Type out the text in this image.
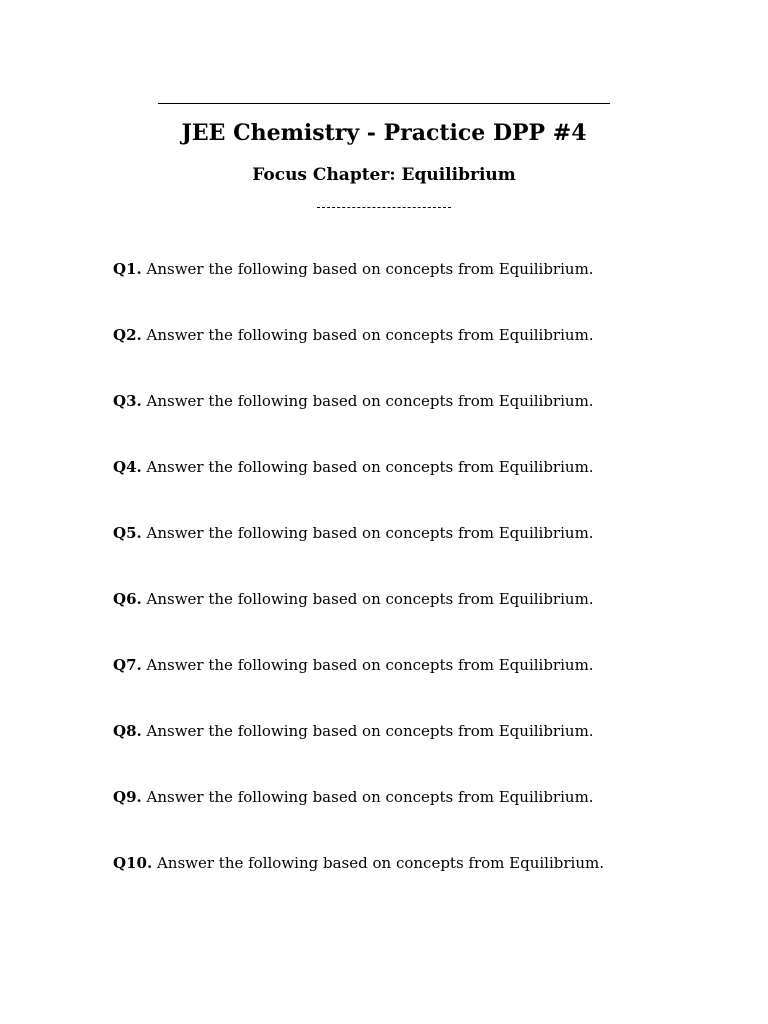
JEE Chemistry - Practice DPP #4
Focus Chapter: Equilibrium
Q1. Answer the following based on concepts from Equilibrium.
Q2. Answer the following based on concepts from Equilibrium.
Q3. Answer the following based on concepts from Equilibrium.
Q4. Answer the following based on concepts from Equilibrium.
Q5. Answer the following based on concepts from Equilibrium.
Q6. Answer the following based on concepts from Equilibrium.
Q7. Answer the following based on concepts from Equilibrium.
Q8. Answer the following based on concepts from Equilibrium.
Q9. Answer the following based on concepts from Equilibrium.
Q10. Answer the following based on concepts from Equilibrium.
